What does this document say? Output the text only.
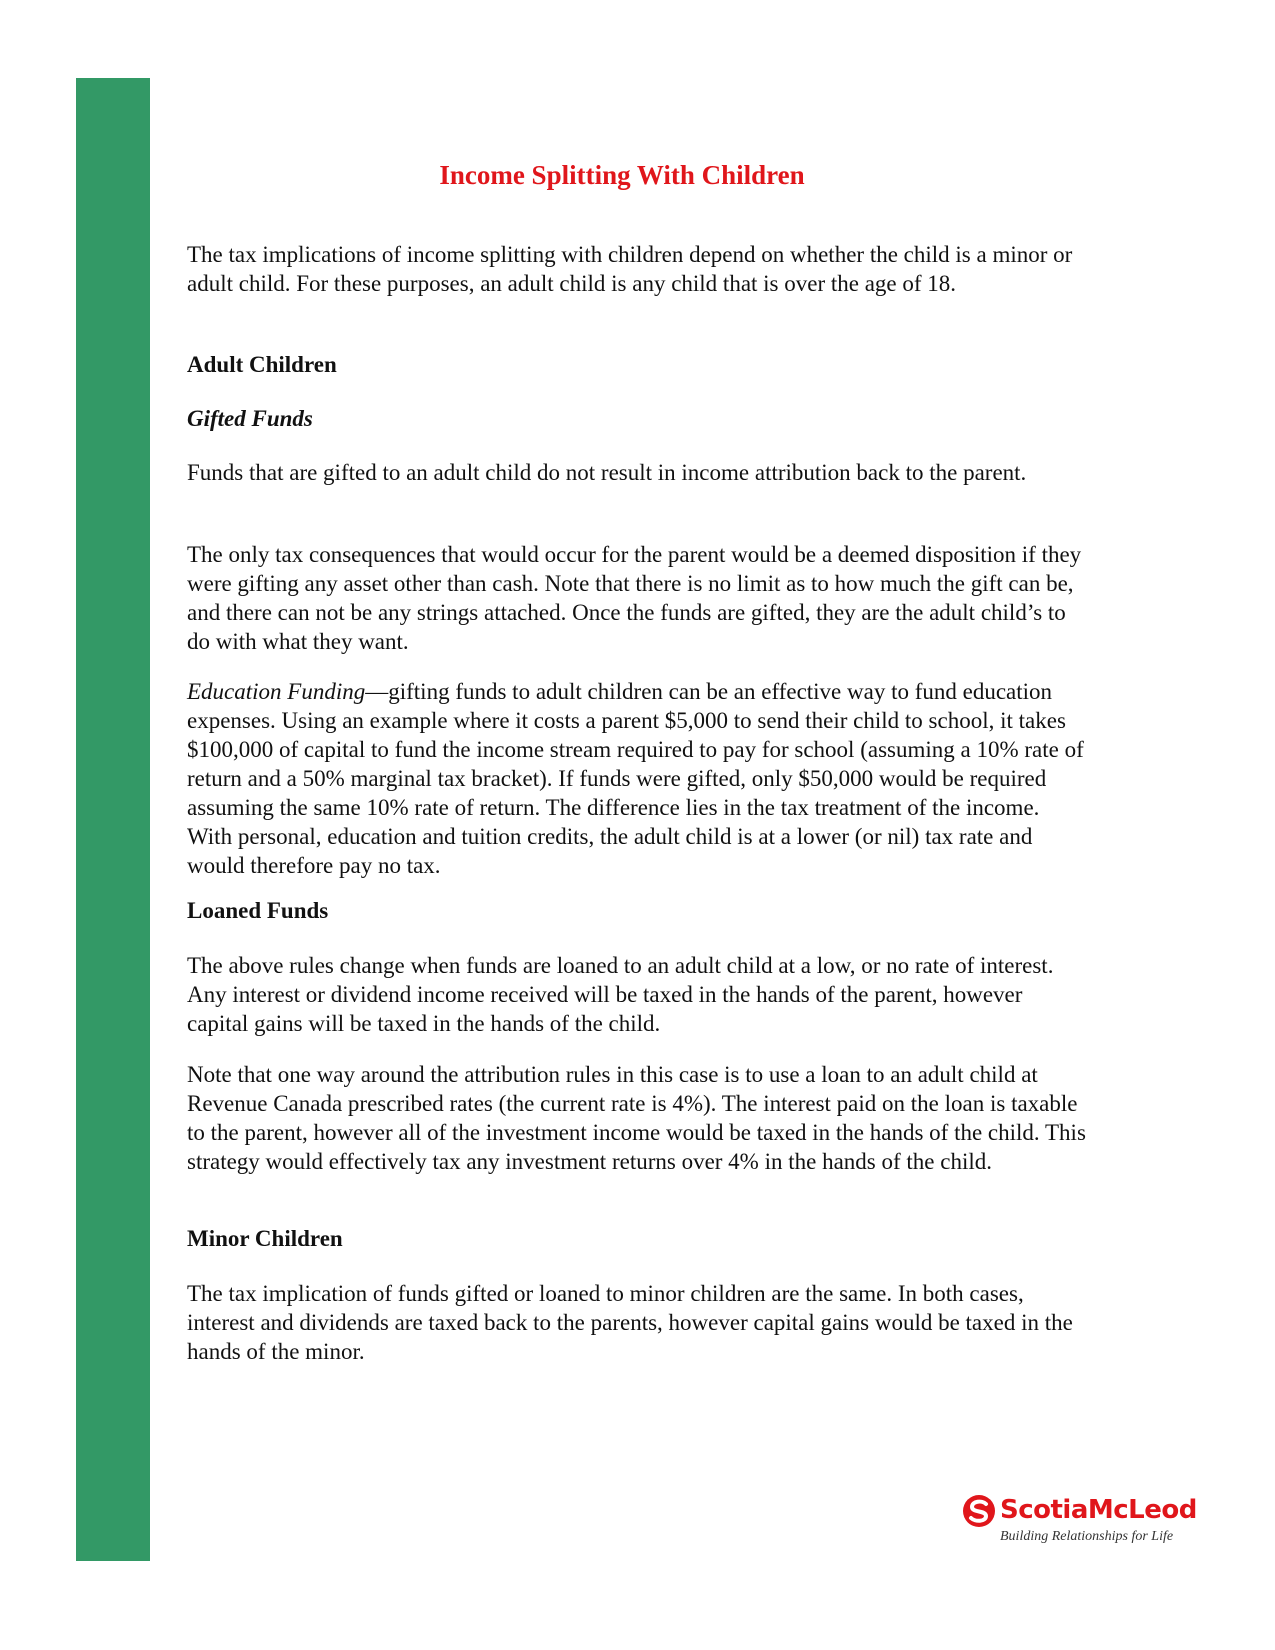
Income Splitting With Children

The tax implications of income splitting with children depend on whether the child is a minor or adult child. For these purposes, an adult child is any child that is over the age of 18.

Adult Children
Gifted Funds

Funds that are gifted to an adult child do not result in income attribution back to the parent.

The only tax consequences that would occur for the parent would be a deemed disposition if they were gifting any asset other than cash. Note that there is no limit as to how much the gift can be, and there can not be any strings attached. Once the funds are gifted, they are the adult child’s to do with what they want.

Education Funding—gifting funds to adult children can be an effective way to fund education expenses. Using an example where it costs a parent $5,000 to send their child to school, it takes $100,000 of capital to fund the income stream required to pay for school (assuming a 10% rate of return and a 50% marginal tax bracket). If funds were gifted, only $50,000 would be required assuming the same 10% rate of return. The difference lies in the tax treatment of the income. With personal, education and tuition credits, the adult child is at a lower (or nil) tax rate and would therefore pay no tax.

Loaned Funds

The above rules change when funds are loaned to an adult child at a low, or no rate of interest. Any interest or dividend income received will be taxed in the hands of the parent, however capital gains will be taxed in the hands of the child.

Note that one way around the attribution rules in this case is to use a loan to an adult child at Revenue Canada prescribed rates (the current rate is 4%). The interest paid on the loan is taxable to the parent, however all of the investment income would be taxed in the hands of the child. This strategy would effectively tax any investment returns over 4% in the hands of the child.

Minor Children

The tax implication of funds gifted or loaned to minor children are the same. In both cases, interest and dividends are taxed back to the parents, however capital gains would be taxed in the hands of the minor.

ScotiaMcLeod
Building Relationships for Life
